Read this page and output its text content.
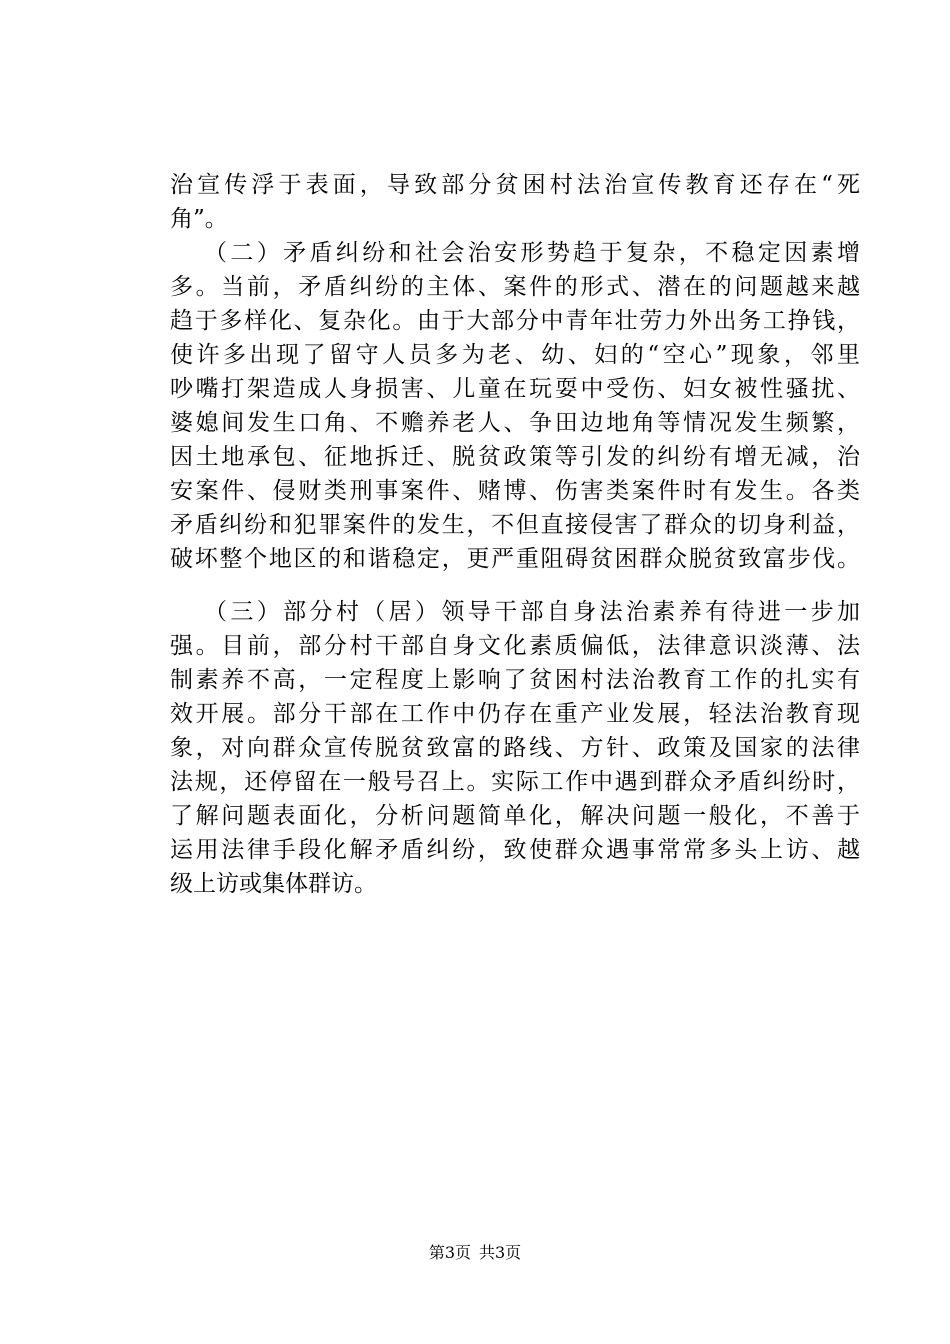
治宣传浮于表面，导致部分贫困村法治宣传教育还存在“死
角”。
（二）矛盾纠纷和社会治安形势趋于复杂，不稳定因素增
多。当前，矛盾纠纷的主体、案件的形式、潜在的问题越来越
趋于多样化、复杂化。由于大部分中青年壮劳力外出务工挣钱，
使许多出现了留守人员多为老、幼、妇的“空心”现象，邻里
吵嘴打架造成人身损害、儿童在玩耍中受伤、妇女被性骚扰、
婆媳间发生口角、不赡养老人、争田边地角等情况发生频繁，
因土地承包、征地拆迁、脱贫政策等引发的纠纷有增无减，治
安案件、侵财类刑事案件、赌博、伤害类案件时有发生。各类
矛盾纠纷和犯罪案件的发生，不但直接侵害了群众的切身利益，
破坏整个地区的和谐稳定，更严重阻碍贫困群众脱贫致富步伐。
（三）部分村（居）领导干部自身法治素养有待进一步加
强。目前，部分村干部自身文化素质偏低，法律意识淡薄、法
制素养不高，一定程度上影响了贫困村法治教育工作的扎实有
效开展。部分干部在工作中仍存在重产业发展，轻法治教育现
象，对向群众宣传脱贫致富的路线、方针、政策及国家的法律
法规，还停留在一般号召上。实际工作中遇到群众矛盾纠纷时，
了解问题表面化，分析问题简单化，解决问题一般化，不善于
运用法律手段化解矛盾纠纷，致使群众遇事常常多头上访、越
级上访或集体群访。
第3页 共3页
